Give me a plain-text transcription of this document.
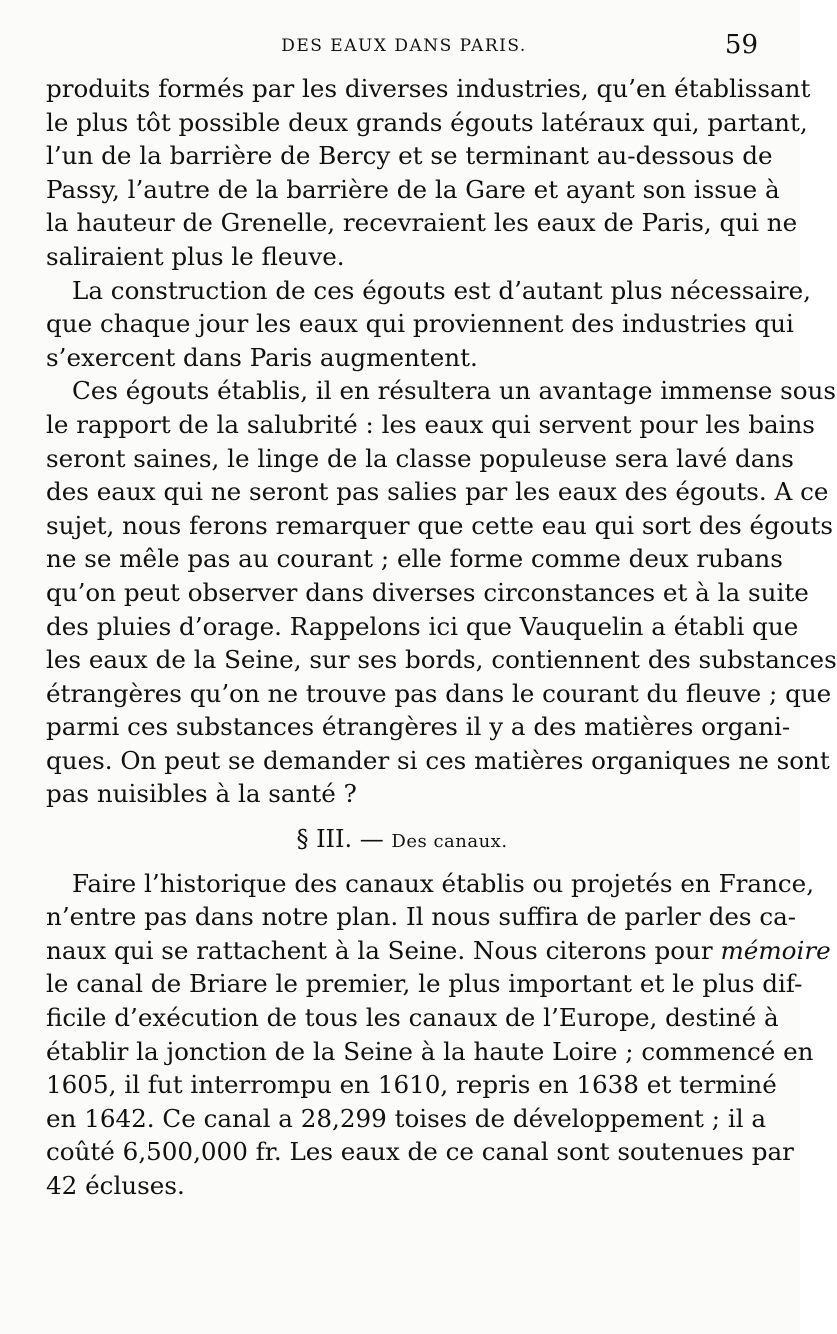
DES EAUX DANS PARIS.	59
produits formés par les diverses industries, qu’en établissant
le plus tôt possible deux grands égouts latéraux qui, partant,
l’un de la barrière de Bercy et se terminant au-dessous de
Passy, l’autre de la barrière de la Gare et ayant son issue à
la hauteur de Grenelle, recevraient les eaux de Paris, qui ne
saliraient plus le fleuve.
La construction de ces égouts est d’autant plus nécessaire,
que chaque jour les eaux qui proviennent des industries qui
s’exercent dans Paris augmentent.
Ces égouts établis, il en résultera un avantage immense sous
le rapport de la salubrité : les eaux qui servent pour les bains
seront saines, le linge de la classe populeuse sera lavé dans
des eaux qui ne seront pas salies par les eaux des égouts. A ce
sujet, nous ferons remarquer que cette eau qui sort des égouts
ne se mêle pas au courant ; elle forme comme deux rubans
qu’on peut observer dans diverses circonstances et à la suite
des pluies d’orage. Rappelons ici que Vauquelin a établi que
les eaux de la Seine, sur ses bords, contiennent des substances
étrangères qu’on ne trouve pas dans le courant du fleuve ; que
parmi ces substances étrangères il y a des matières organi-
ques. On peut se demander si ces matières organiques ne sont
pas nuisibles à la santé ?
§ III. — Des canaux.
Faire l’historique des canaux établis ou projetés en France,
n’entre pas dans notre plan. Il nous suffira de parler des ca-
naux qui se rattachent à la Seine. Nous citerons pour mémoire
le canal de Briare le premier, le plus important et le plus dif-
ficile d’exécution de tous les canaux de l’Europe, destiné à
établir la jonction de la Seine à la haute Loire ; commencé en
1605, il fut interrompu en 1610, repris en 1638 et terminé
en 1642. Ce canal a 28,299 toises de développement ; il a
coûté 6,500,000 fr. Les eaux de ce canal sont soutenues par
42 écluses.
